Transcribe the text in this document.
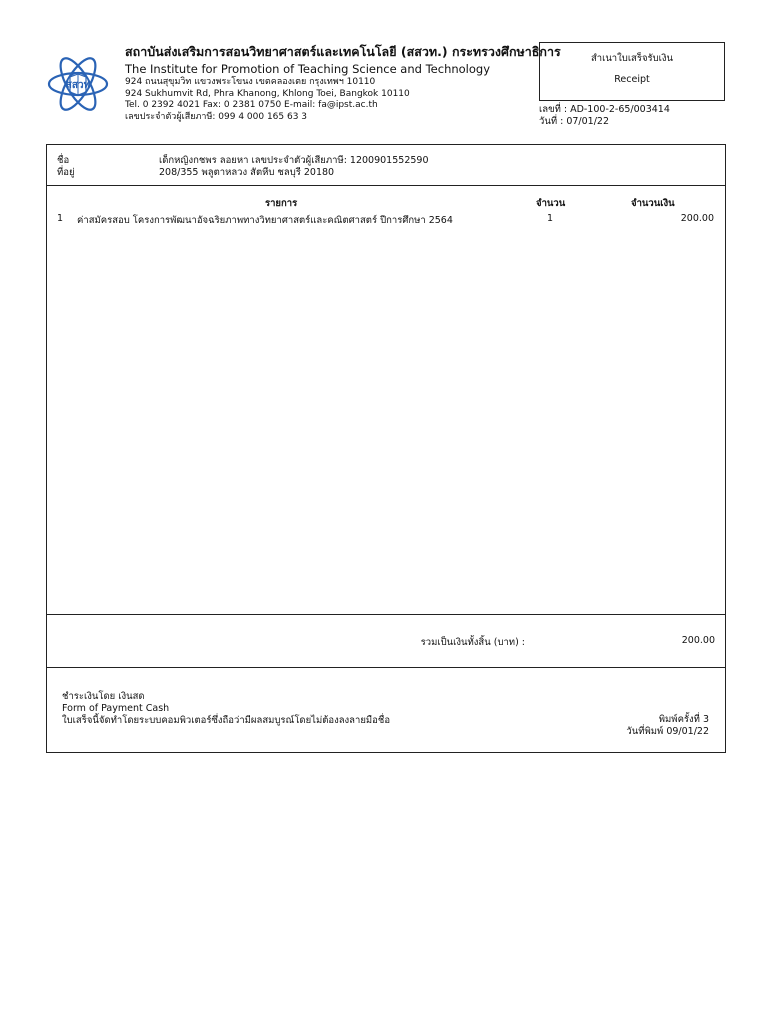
สสวท
สถาบันส่งเสริมการสอนวิทยาศาสตร์และเทคโนโลยี (สสวท.) กระทรวงศึกษาธิการ
The Institute for Promotion of Teaching Science and Technology
924 ถนนสุขุมวิท แขวงพระโขนง เขตคลองเตย กรุงเทพฯ 10110
924 Sukhumvit Rd, Phra Khanong, Khlong Toei, Bangkok 10110
Tel. 0 2392 4021 Fax: 0 2381 0750 E-mail: fa@ipst.ac.th
เลขประจำตัวผู้เสียภาษี: 099 4 000 165 63 3
สำเนาใบเสร็จรับเงิน
Receipt
เลขที่ : AD-100-2-65/003414
วันที่ : 07/01/22
ชื่อ	เด็กหญิงกชพร ลอยหา เลขประจำตัวผู้เสียภาษี: 1200901552590
ที่อยู่	208/355 พลูตาหลวง สัตหีบ ชลบุรี 20180
รายการ	จำนวน	จำนวนเงิน
1 ค่าสมัครสอบ โครงการพัฒนาอัจฉริยภาพทางวิทยาศาสตร์และคณิตศาสตร์ ปีการศึกษา 2564	1	200.00
รวมเป็นเงินทั้งสิ้น (บาท) :	200.00
ชำระเงินโดย เงินสด
Form of Payment Cash
ใบเสร็จนี้จัดทำโดยระบบคอมพิวเตอร์ซึ่งถือว่ามีผลสมบูรณ์โดยไม่ต้องลงลายมือชื่อ	พิมพ์ครั้งที่ 3
วันที่พิมพ์ 09/01/22
